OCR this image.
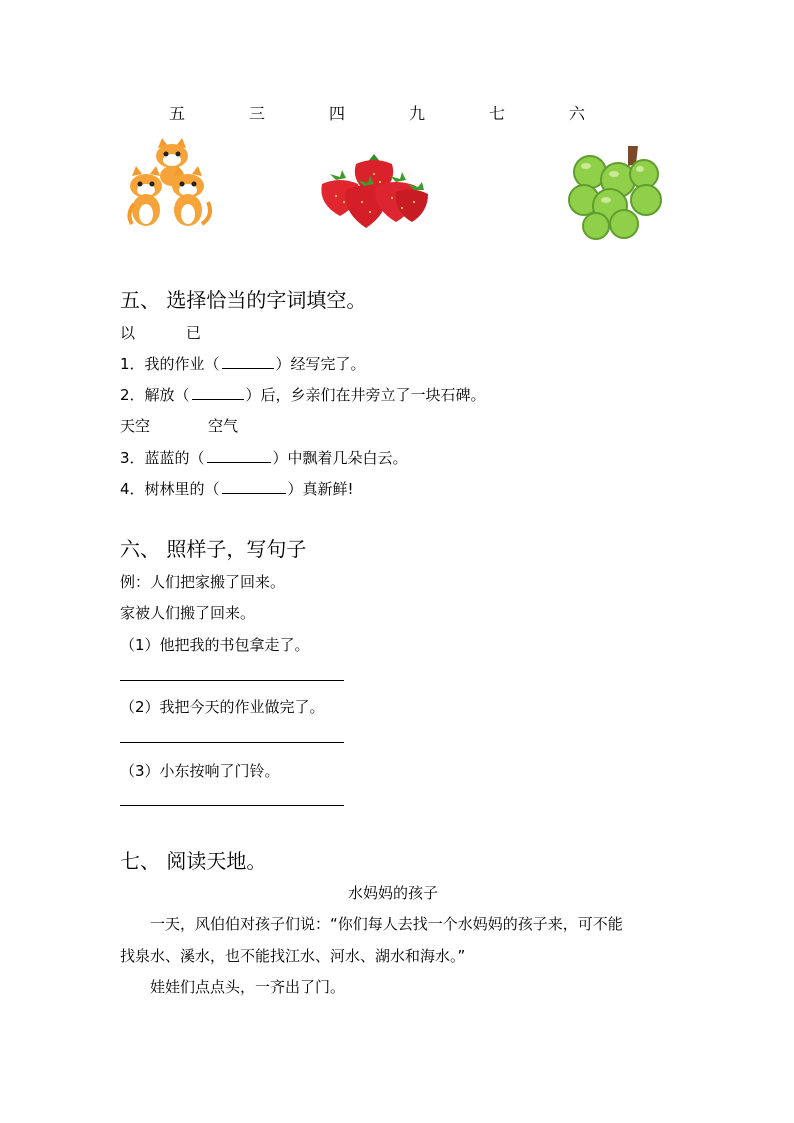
五	三	四	九	七	六
五、 选择恰当的字词填空。
以	已
1．我的作业（	）经写完了。
2．解放（	）后，乡亲们在井旁立了一块石碑。
天空	空气
3．蓝蓝的（	）中飘着几朵白云。
4．树林里的（	）真新鲜!
六、 照样子，写句子
例：人们把家搬了回来。
家被人们搬了回来。
（1）他把我的书包拿走了。
（2）我把今天的作业做完了。
（3）小东按响了门铃。
七、 阅读天地。
水妈妈的孩子
一天，风伯伯对孩子们说：“你们每人去找一个水妈妈的孩子来，可不能
找泉水、溪水，也不能找江水、河水、湖水和海水。”
娃娃们点点头，一齐出了门。
